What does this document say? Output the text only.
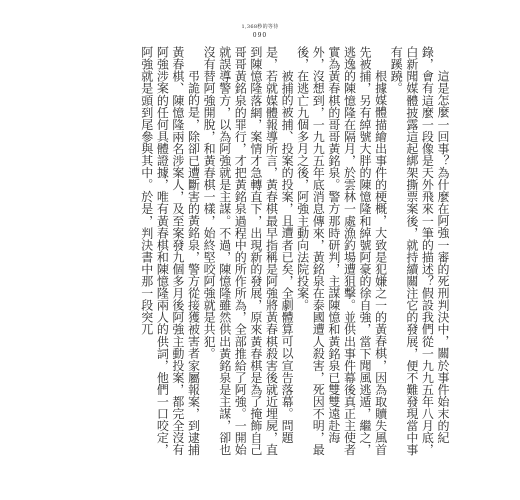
1,368秒的等待
090

這是怎麼一回事？為什麼在阿強一審的死刑判決中，關於事件始末的紀錄，會有這麼一段像是天外飛來一筆的描述？假設我們從一九九五年八月底，白新聞媒體披露這起綁架撕票案後，就持續關注它的發展，便不難發現當中事有蹊蹺。

根據媒體描繪出事件的梗概，大致是犯嫌之一的黃春棋，因為取贖失風首先被捕，另有綽號大胖的陳憶隆和綽號阿豪的徐自強，當下聞風逃遁，繼之，逃逸的陳憶隆在隔月，於雲林一處漁釣場遭狙擊。並供出事件幕後真正主使者實為黃春棋的哥哥黃銘泉。警方那時研判，主謀陳憶和黃銘泉已雙雙遠赴海外，沒想到，一九九五年底消息傳來，黃銘泉在泰國遭人殺害，死因不明，最後，在逃亡九個多月之後，阿強主動向法院投案。

被捕的被捕、投案的投案，且遭者已矣，全劇體算可以宣告落幕。問題是，若就媒體報導所言，黃春棋最早指稱是阿強將黃春棋殺害後就近埋屍，直到陳憶隆落網，案情才急轉直下，出現新的發展，原來黃春棋是為了掩飾自己哥哥黃銘泉的罪行，才把黃銘泉過程中的所作所為，全部推給了阿強。一開始就誤導警方，以為阿強就是主謀。不過，陳憶隆雖然供出黃銘泉是主謀，卻也沒有替阿強開脫，和黃春棋一樣，始終堅咬阿強就是共犯。

弔詭的是，除卻已遭斷害的黃銘泉，警方從接獲被害者家屬報案，到逮捕黃春棋、陳憶隆兩名涉案人，及至案發九個多月後阿強主動投案，都完全沒有阿強涉案的任何具體證據，唯有黃春棋和陳憶隆兩人的供詞，他們一口咬定，阿強就是頭到尾參與其中。於是，判決書中那一段突兀
